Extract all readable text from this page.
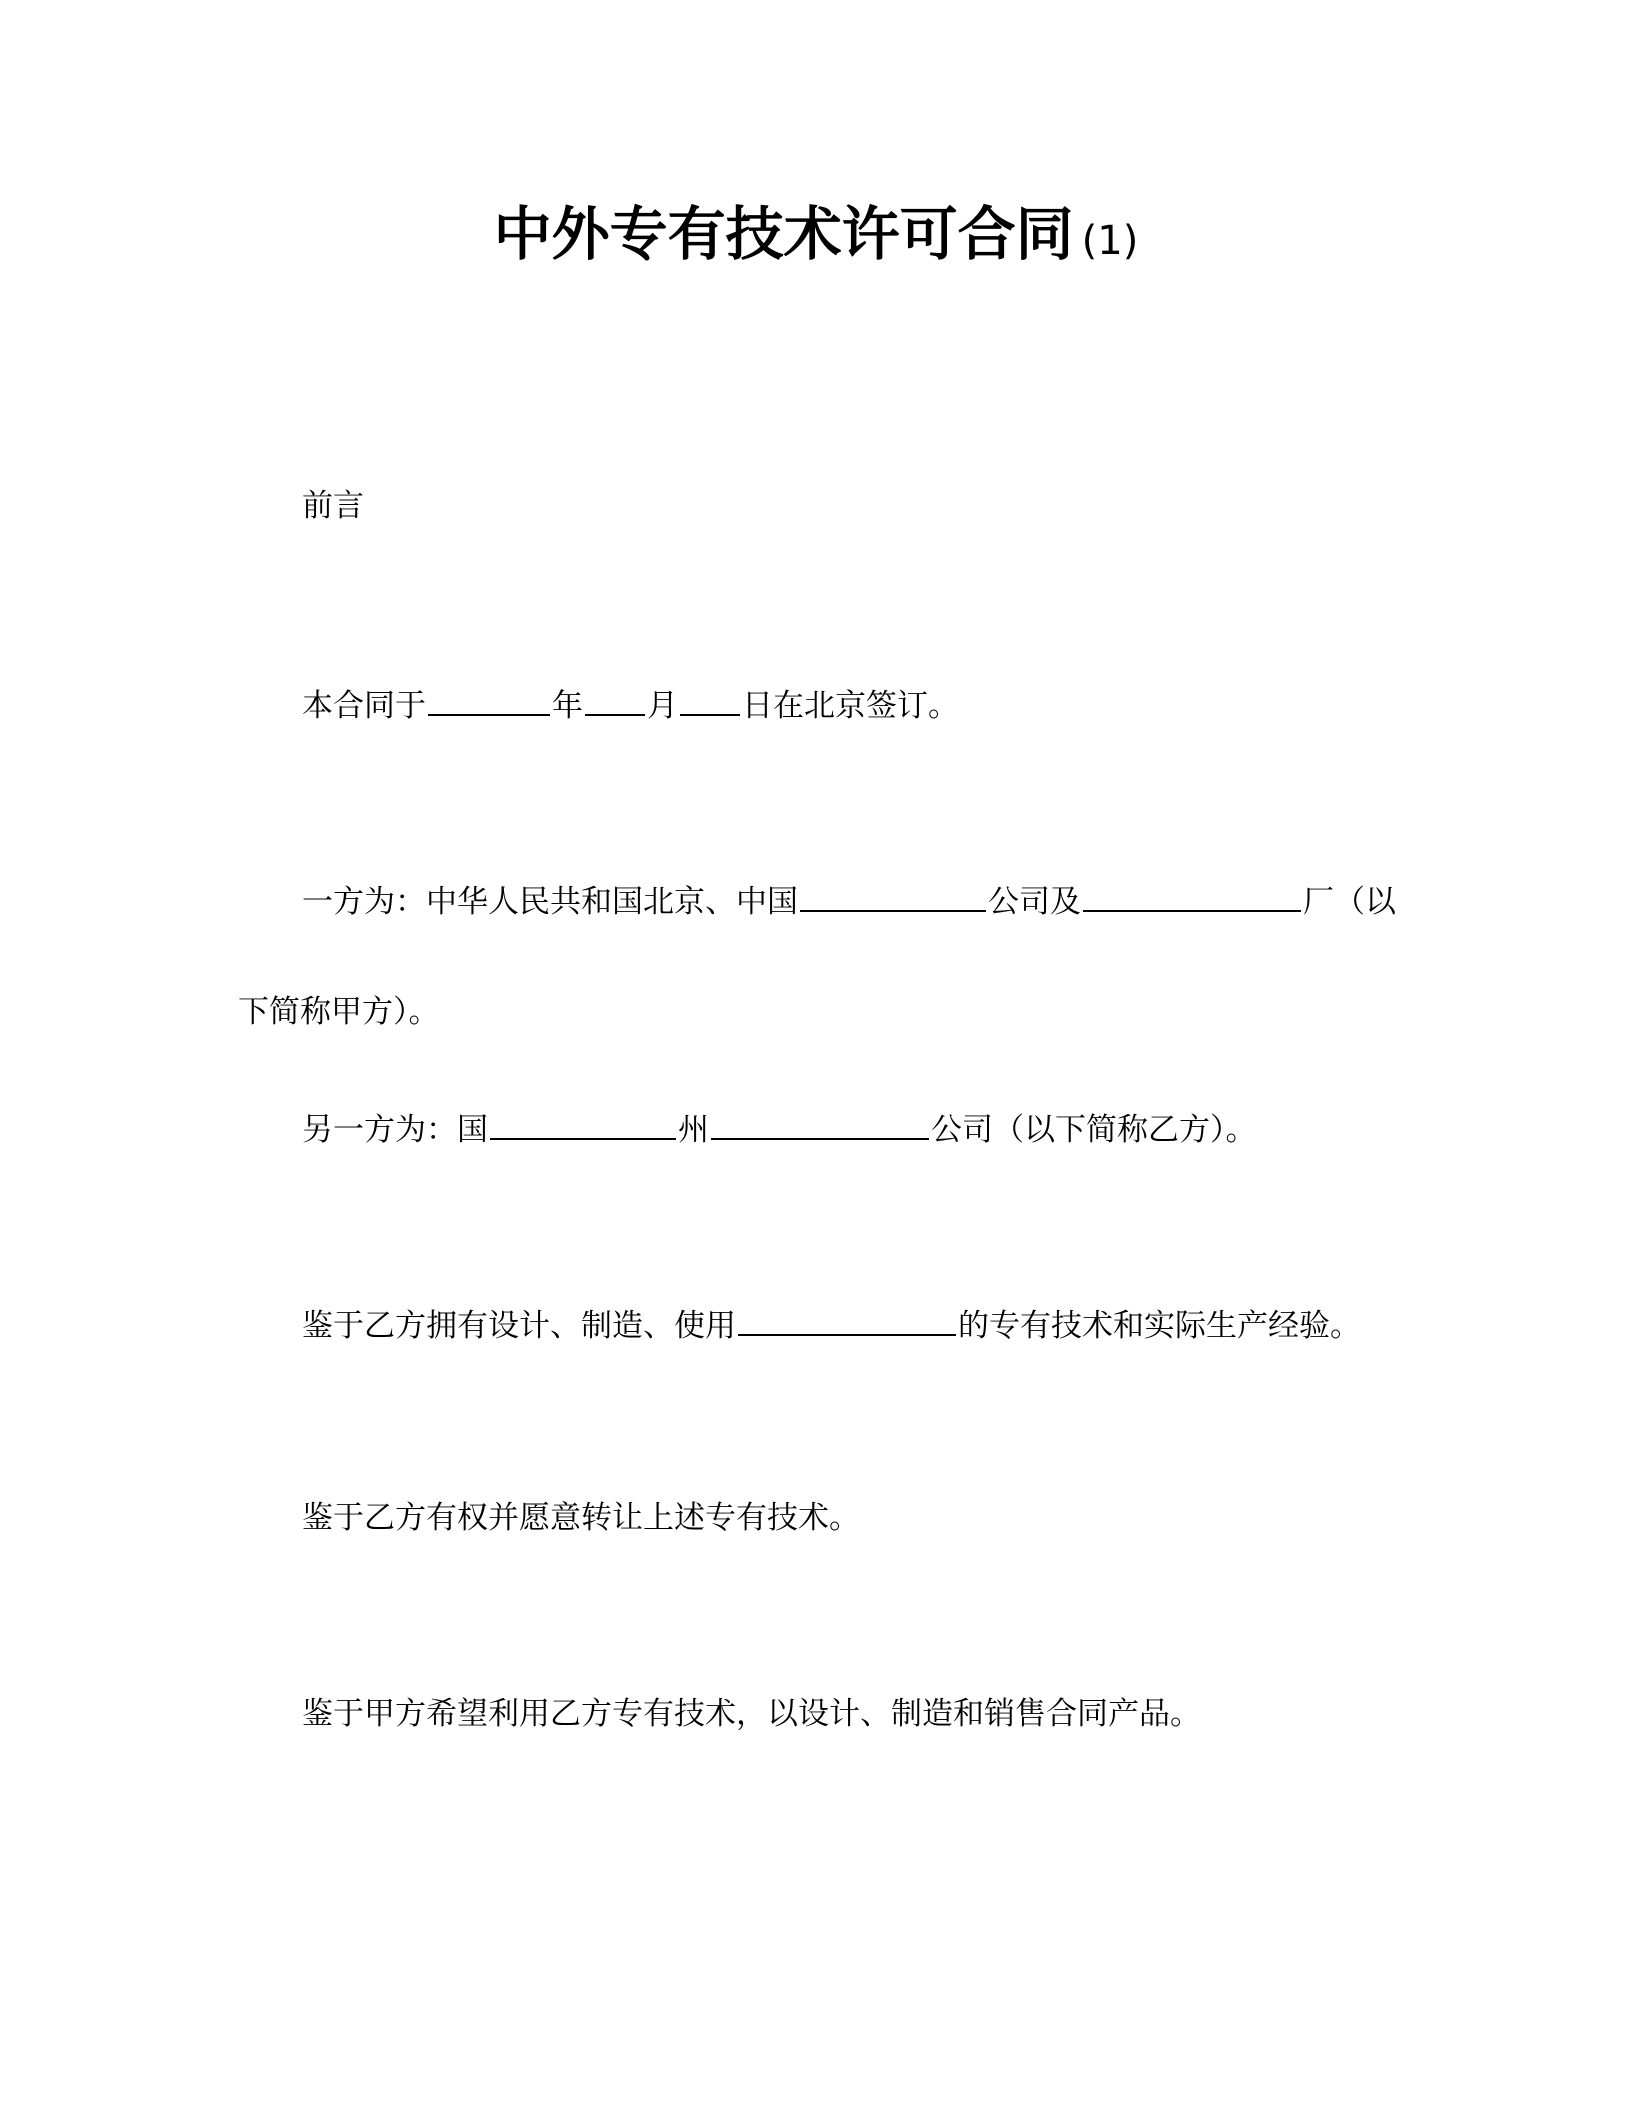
中外专有技术许可合同 (1)
前言
本合同于	年 月 日在北京签订。
一方为：中华人民共和国北京、中国	公司及	厂（以
下简称甲方）。
另一方为：国	州	公司（以下简称乙方）。
鉴于乙方拥有设计、制造、使用	的专有技术和实际生产经验。
鉴于乙方有权并愿意转让上述专有技术。
鉴于甲方希望利用乙方专有技术，以设计、制造和销售合同产品。
